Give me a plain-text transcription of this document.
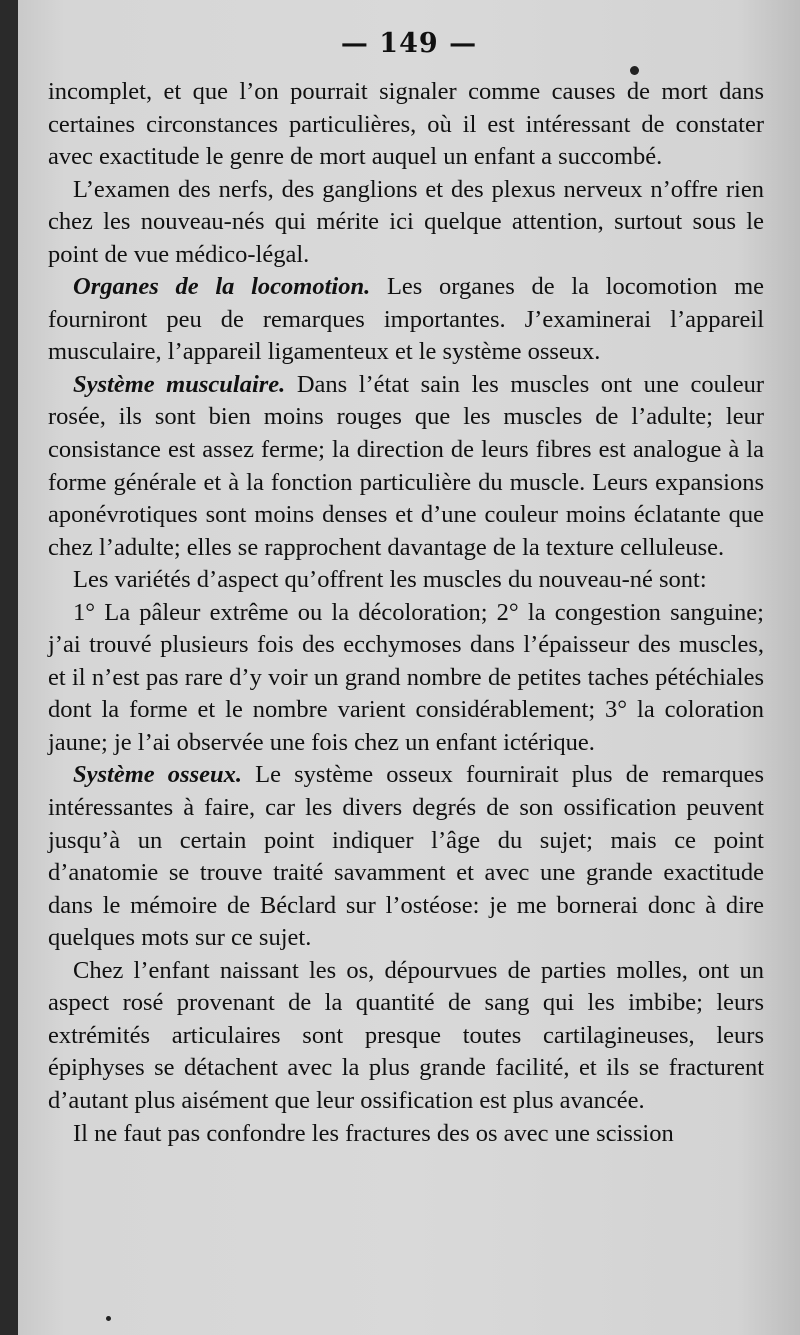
— 149 —

incomplet, et que l’on pourrait signaler comme causes de mort dans certaines circonstances particulières, où il est intéressant de constater avec exactitude le genre de mort auquel un enfant a succombé.

L’examen des nerfs, des ganglions et des plexus nerveux n’offre rien chez les nouveau-nés qui mérite ici quelque attention, surtout sous le point de vue médico-légal.

Organes de la locomotion. Les organes de la locomotion me fourniront peu de remarques importantes. J’examinerai l’appareil musculaire, l’appareil ligamenteux et le système osseux.

Système musculaire. Dans l’état sain les muscles ont une couleur rosée, ils sont bien moins rouges que les muscles de l’adulte; leur consistance est assez ferme; la direction de leurs fibres est analogue à la forme générale et à la fonction particulière du muscle. Leurs expansions aponévrotiques sont moins denses et d’une couleur moins éclatante que chez l’adulte; elles se rapprochent davantage de la texture celluleuse.

Les variétés d’aspect qu’offrent les muscles du nouveau-né sont:

1° La pâleur extrême ou la décoloration; 2° la congestion sanguine; j’ai trouvé plusieurs fois des ecchymoses dans l’épaisseur des muscles, et il n’est pas rare d’y voir un grand nombre de petites taches pétéchiales dont la forme et le nombre varient considérablement; 3° la coloration jaune; je l’ai observée une fois chez un enfant ictérique.

Système osseux. Le système osseux fournirait plus de remarques intéressantes à faire, car les divers degrés de son ossification peuvent jusqu’à un certain point indiquer l’âge du sujet; mais ce point d’anatomie se trouve traité savamment et avec une grande exactitude dans le mémoire de Béclard sur l’ostéose: je me bornerai donc à dire quelques mots sur ce sujet.

Chez l’enfant naissant les os, dépourvues de parties molles, ont un aspect rosé provenant de la quantité de sang qui les imbibe; leurs extrémités articulaires sont presque toutes cartilagineuses, leurs épiphyses se détachent avec la plus grande facilité, et ils se fracturent d’autant plus aisément que leur ossification est plus avancée.

Il ne faut pas confondre les fractures des os avec une scission
